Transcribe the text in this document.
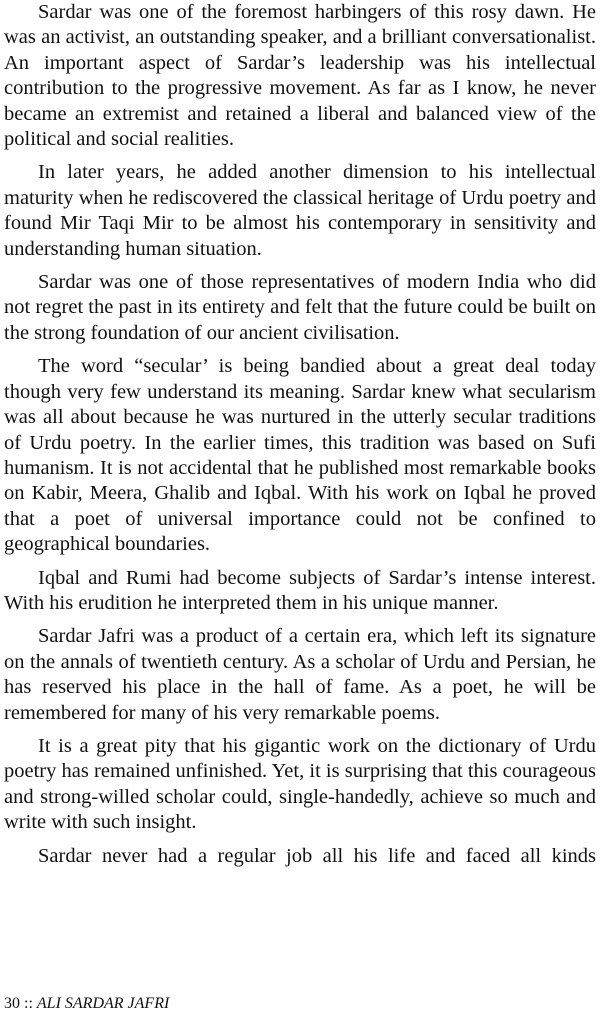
Sardar was one of the foremost harbingers of this rosy dawn. He was an activist, an outstanding speaker, and a brilliant conversationalist. An important aspect of Sardar’s leadership was his intellectual contribution to the progressive movement. As far as I know, he never became an extremist and retained a liberal and balanced view of the political and social realities.

In later years, he added another dimension to his intellectual maturity when he rediscovered the classical heritage of Urdu poetry and found Mir Taqi Mir to be almost his contemporary in sensitivity and understanding human situation.

Sardar was one of those representatives of modern India who did not regret the past in its entirety and felt that the future could be built on the strong foundation of our ancient civilisation.

The word “secular’ is being bandied about a great deal today though very few understand its meaning. Sardar knew what secularism was all about because he was nurtured in the utterly secular traditions of Urdu poetry. In the earlier times, this tradition was based on Sufi humanism. It is not accidental that he published most remarkable books on Kabir, Meera, Ghalib and Iqbal. With his work on Iqbal he proved that a poet of universal importance could not be confined to geographical boundaries.

Iqbal and Rumi had become subjects of Sardar’s intense interest. With his erudition he interpreted them in his unique manner.

Sardar Jafri was a product of a certain era, which left its signature on the annals of twentieth century. As a scholar of Urdu and Persian, he has reserved his place in the hall of fame. As a poet, he will be remembered for many of his very remarkable poems.

It is a great pity that his gigantic work on the dictionary of Urdu poetry has remained unfinished. Yet, it is surprising that this courageous and strong-willed scholar could, single-handedly, achieve so much and write with such insight.

Sardar never had a regular job all his life and faced all kinds

30 :: ALI SARDAR JAFRI
